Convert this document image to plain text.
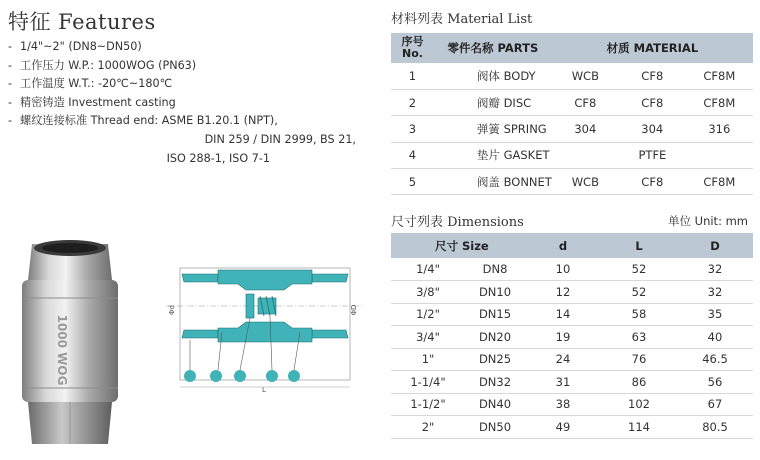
特征 Features
- 1/4"~2" (DN8~DN50)
- 工作压力 W.P.: 1000WOG (PN63)
- 工作温度 W.T.: -20℃~180℃
- 精密铸造 Investment casting
- 螺纹连接标准 Thread end: ASME B1.20.1 (NPT),
DIN 259 / DIN 2999, BS 21,
ISO 288-1, ISO 7-1
材料列表 Material List
序号
No.	零件名称 PARTS	材质 MATERIAL		
1	阀体 BODY	WCB	CF8	CF8M
2	阀瓣 DISC	CF8	CF8	CF8M
3	弹簧 SPRING	304	304	316
4	垫片 GASKET	PTFE		
5	阀盖 BONNET	WCB	CF8	CF8M
尺寸列表 Dimensions	单位 Unit: mm
尺寸 Size		d	L	D
1/4"	DN8	10	52	32
3/8"	DN10	12	52	32
1/2"	DN15	14	58	35
3/4"	DN20	19	63	40
1"	DN25	24	76	46.5
1-1/4"	DN32	31	86	56
1-1/2"	DN40	38	102	67
2"	DN50	49	114	80.5
1000 WOG
Φd	ΦD
L
